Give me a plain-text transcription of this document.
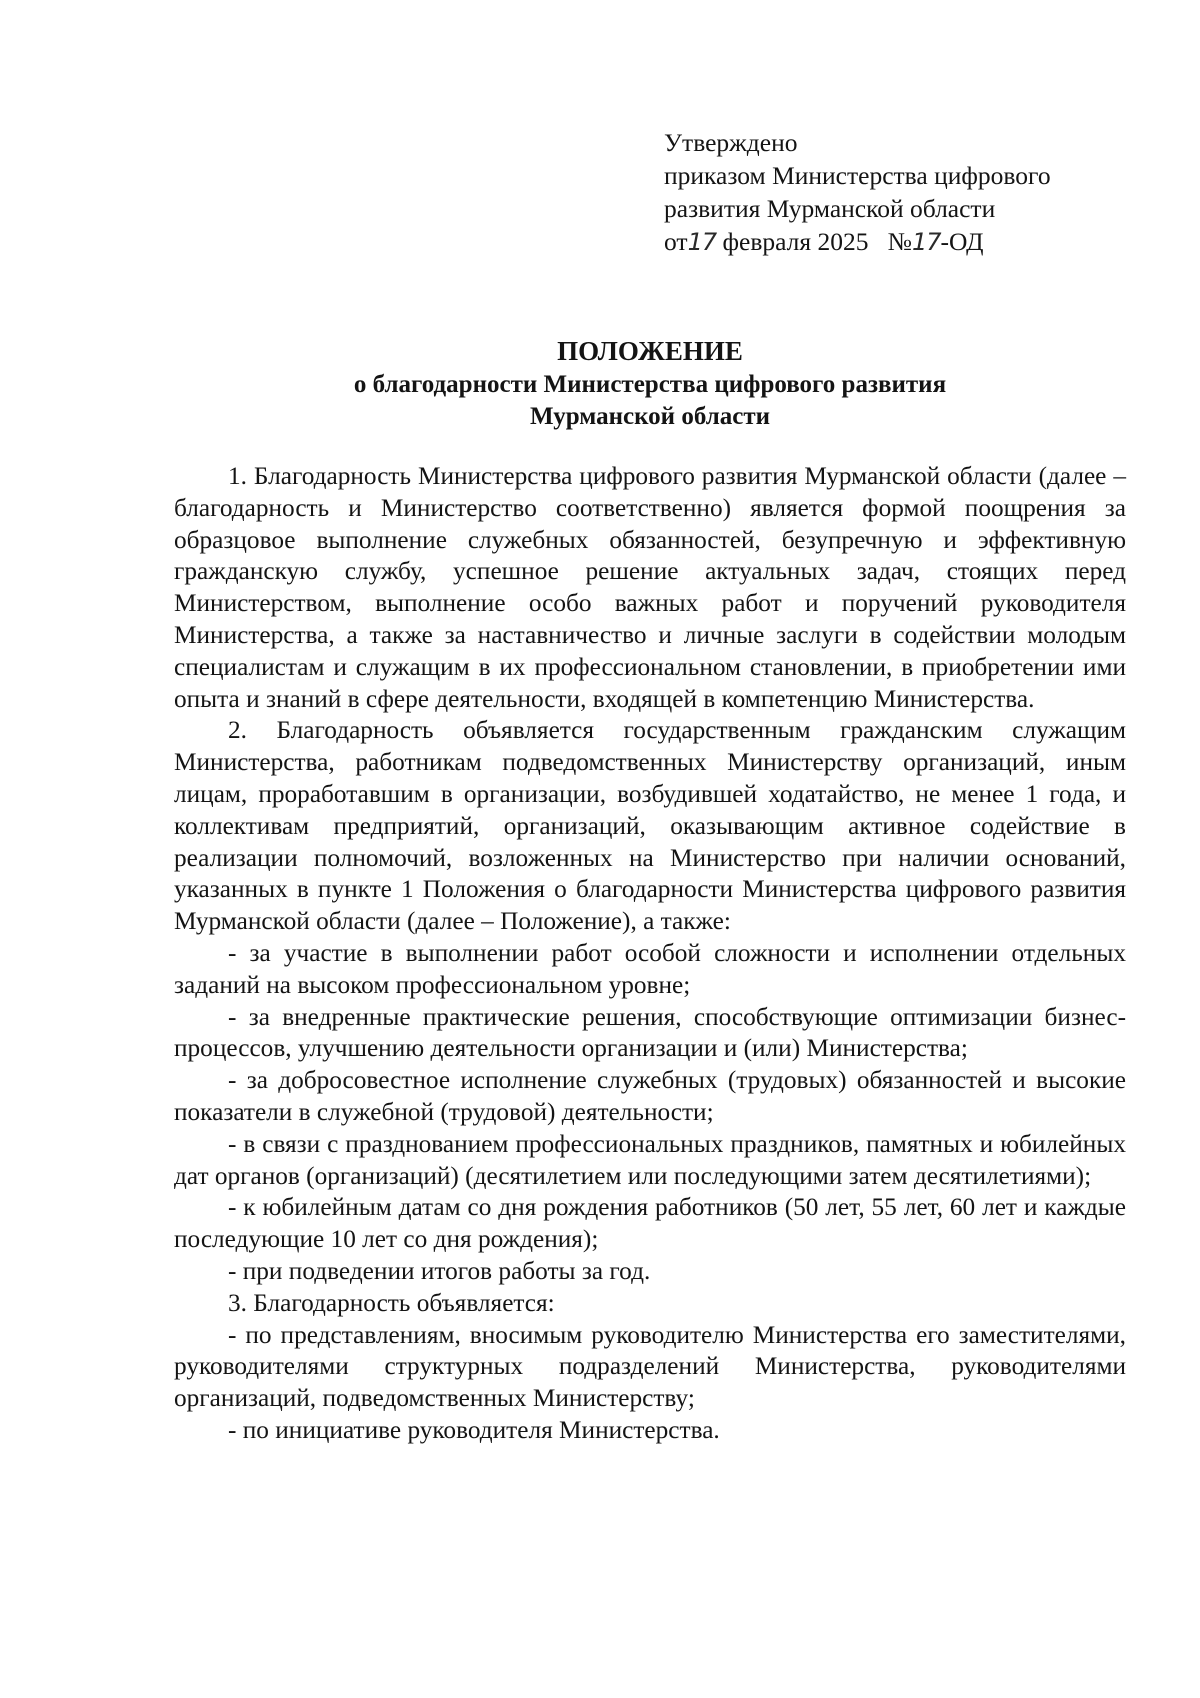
Утверждено
приказом Министерства цифрового
развития Мурманской области
от17 февраля 2025 №17-ОД
ПОЛОЖЕНИЕ
о благодарности Министерства цифрового развития
Мурманской области

1. Благодарность Министерства цифрового развития Мурманской области (далее – благодарность и Министерство соответственно) является формой поощрения за образцовое выполнение служебных обязанностей, безупречную и эффективную гражданскую службу, успешное решение актуальных задач, стоящих перед Министерством, выполнение особо важных работ и поручений руководителя Министерства, а также за наставничество и личные заслуги в содействии молодым специалистам и служащим в их профессиональном становлении, в приобретении ими опыта и знаний в сфере деятельности, входящей в компетенцию Министерства.

2. Благодарность объявляется государственным гражданским служащим Министерства, работникам подведомственных Министерству организаций, иным лицам, проработавшим в организации, возбудившей ходатайство, не менее 1 года, и коллективам предприятий, организаций, оказывающим активное содействие в реализации полномочий, возложенных на Министерство при наличии оснований, указанных в пункте 1 Положения о благодарности Министерства цифрового развития Мурманской области (далее – Положение), а также:

- за участие в выполнении работ особой сложности и исполнении отдельных заданий на высоком профессиональном уровне;

- за внедренные практические решения, способствующие оптимизации бизнес-процессов, улучшению деятельности организации и (или) Министерства;

- за добросовестное исполнение служебных (трудовых) обязанностей и высокие показатели в служебной (трудовой) деятельности;

- в связи с празднованием профессиональных праздников, памятных и юбилейных дат органов (организаций) (десятилетием или последующими затем десятилетиями);

- к юбилейным датам со дня рождения работников (50 лет, 55 лет, 60 лет и каждые последующие 10 лет со дня рождения);

- при подведении итогов работы за год.

3. Благодарность объявляется:

- по представлениям, вносимым руководителю Министерства его заместителями, руководителями структурных подразделений Министерства, руководителями организаций, подведомственных Министерству;

- по инициативе руководителя Министерства.
